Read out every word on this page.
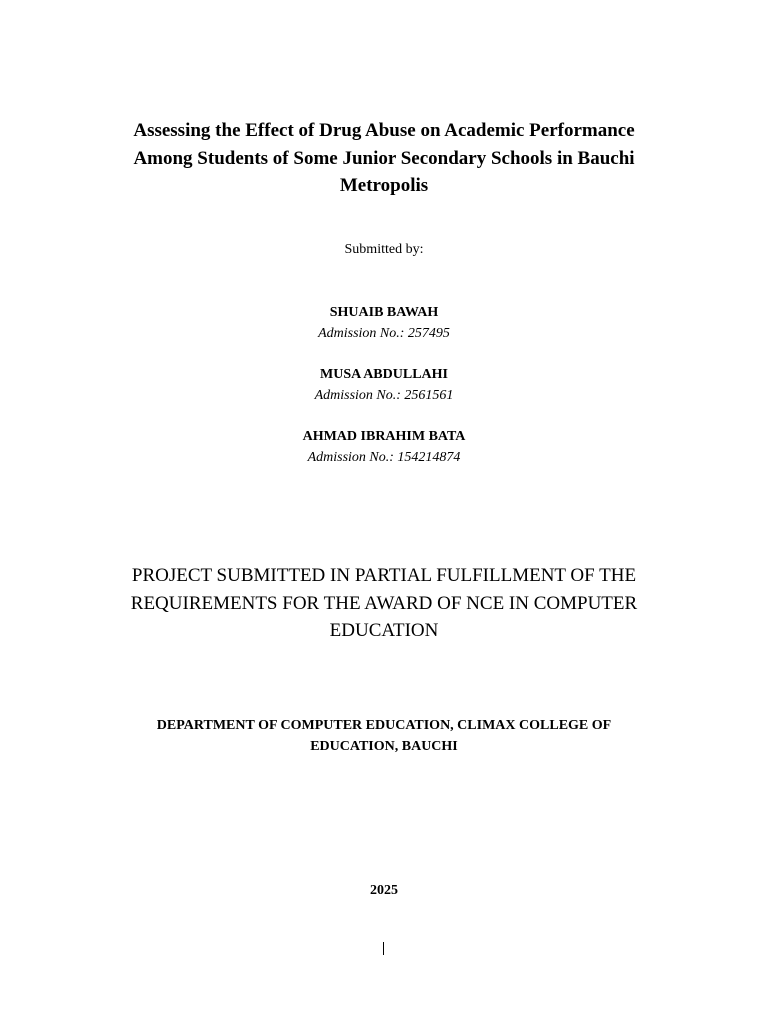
Assessing the Effect of Drug Abuse on Academic Performance Among Students of Some Junior Secondary Schools in Bauchi Metropolis
Submitted by:
SHUAIB BAWAH
Admission No.: 257495
MUSA ABDULLAHI
Admission No.: 2561561
AHMAD IBRAHIM BATA
Admission No.: 154214874
PROJECT SUBMITTED IN PARTIAL FULFILLMENT OF THE REQUIREMENTS FOR THE AWARD OF NCE IN COMPUTER EDUCATION
DEPARTMENT OF COMPUTER EDUCATION, CLIMAX COLLEGE OF EDUCATION, BAUCHI
2025
